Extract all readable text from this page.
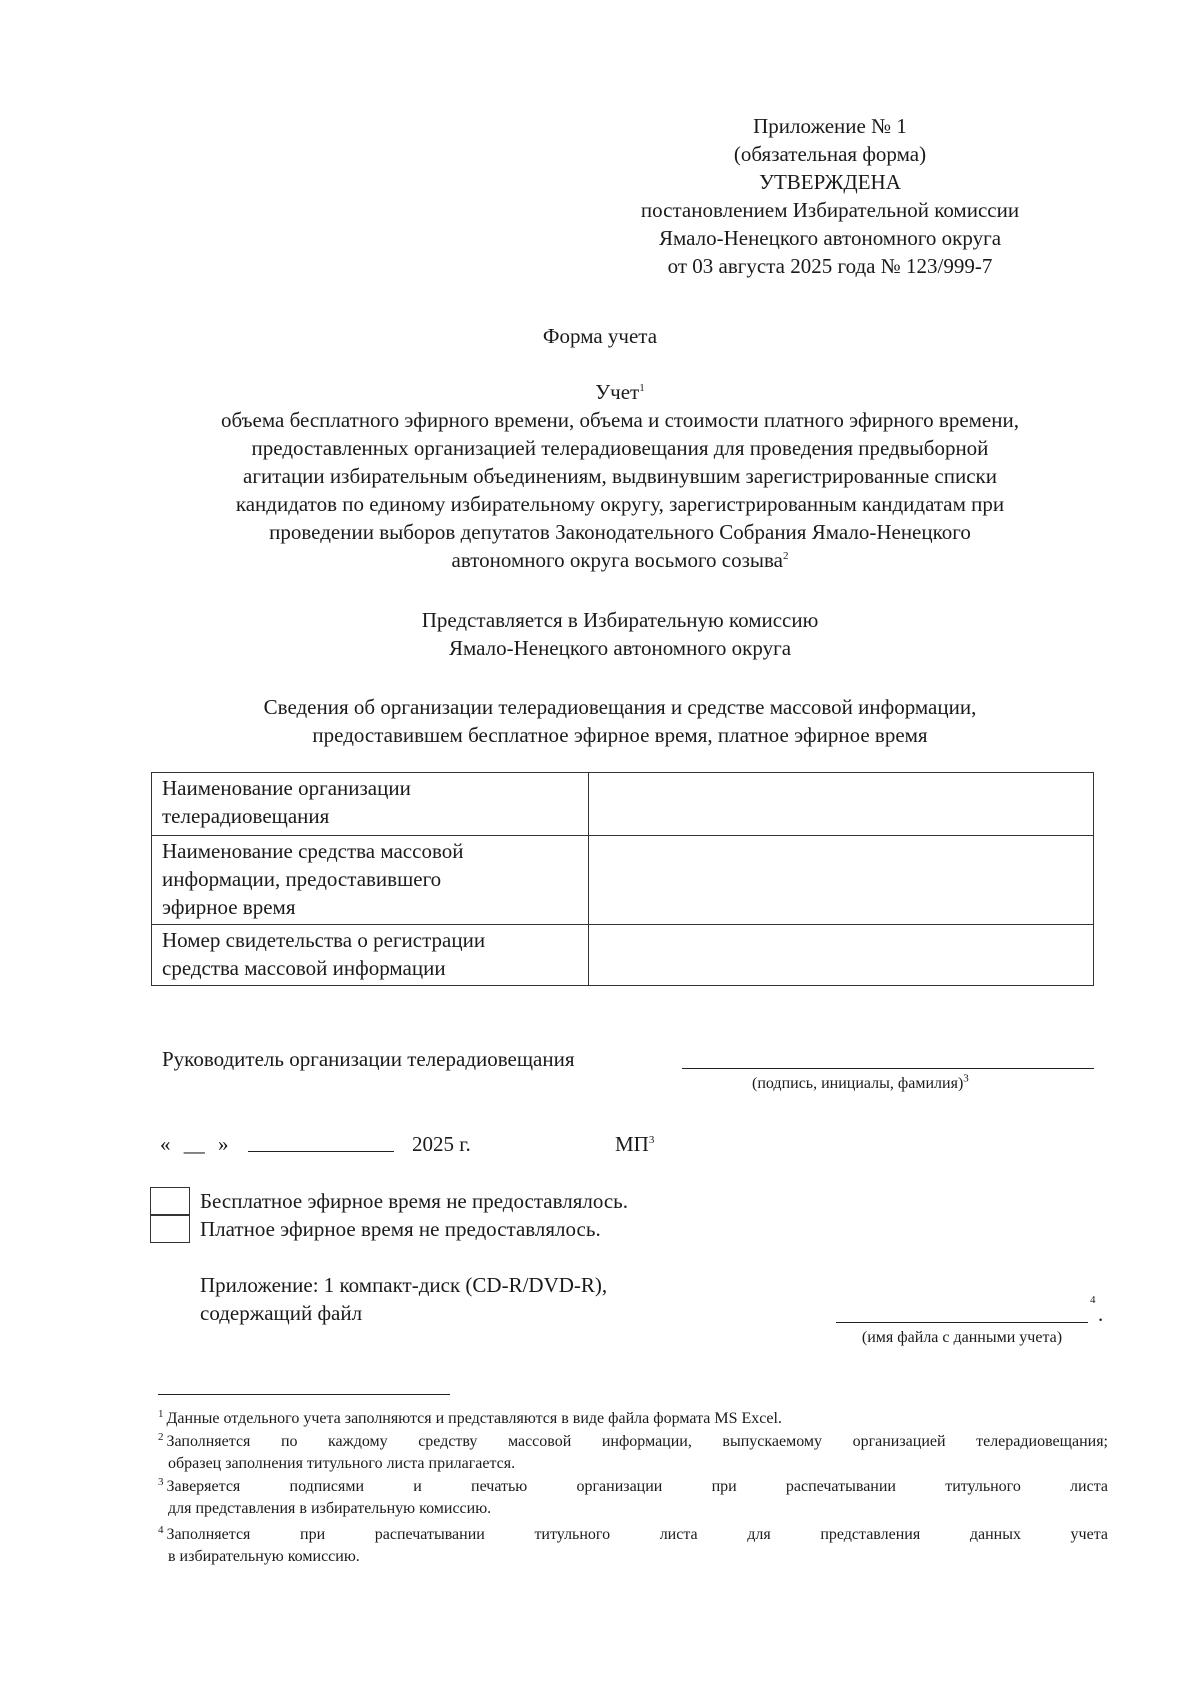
Приложение № 1
(обязательная форма)
УТВЕРЖДЕНА
постановлением Избирательной комиссии
Ямало-Ненецкого автономного округа
от 03 августа 2025 года № 123/999-7
Форма учета
Учет$^1$
объема бесплатного эфирного времени, объема и стоимости платного эфирного времени,
предоставленных организацией телерадиовещания для проведения предвыборной
агитации избирательным объединениям, выдвинувшим зарегистрированные списки
кандидатов по единому избирательному округу, зарегистрированным кандидатам при
проведении выборов депутатов Законодательного Собрания Ямало-Ненецкого
автономного округа восьмого созыва$^2$
Представляется в Избирательную комиссию
Ямало-Ненецкого автономного округа
Сведения об организации телерадиовещания и средстве массовой информации,
предоставившем бесплатное эфирное время, платное эфирное время
Наименование организации
телерадиовещания	

Наименование средства массовой
информации, предоставившего
эфирное время	

Номер свидетельства о регистрации
средства массовой информации	

Руководитель организации телерадиовещания
(подпись, инициалы, фамилия)$^3$
« __ »	2025 г.	$МП^3$
Бесплатное эфирное время не предоставлялось.
Платное эфирное время не предоставлялось.
Приложение: 1 компакт-диск (CD-R/DVD-R),
содержащий файл
4
.
(имя файла с данными учета)
$^1$ Данные отдельного учета заполняются и представляются в виде файла формата MS Excel.
$^2$ Заполняется по каждому средству массовой информации, выпускаемому организацией телерадиовещания;
образец заполнения титульного листа прилагается.
$^3$ Заверяется подписями и печатью организации при распечатывании титульного листа
для представления в избирательную комиссию.
$^4$ Заполняется при распечатывании титульного листа для представления данных учета
в избирательную комиссию.
